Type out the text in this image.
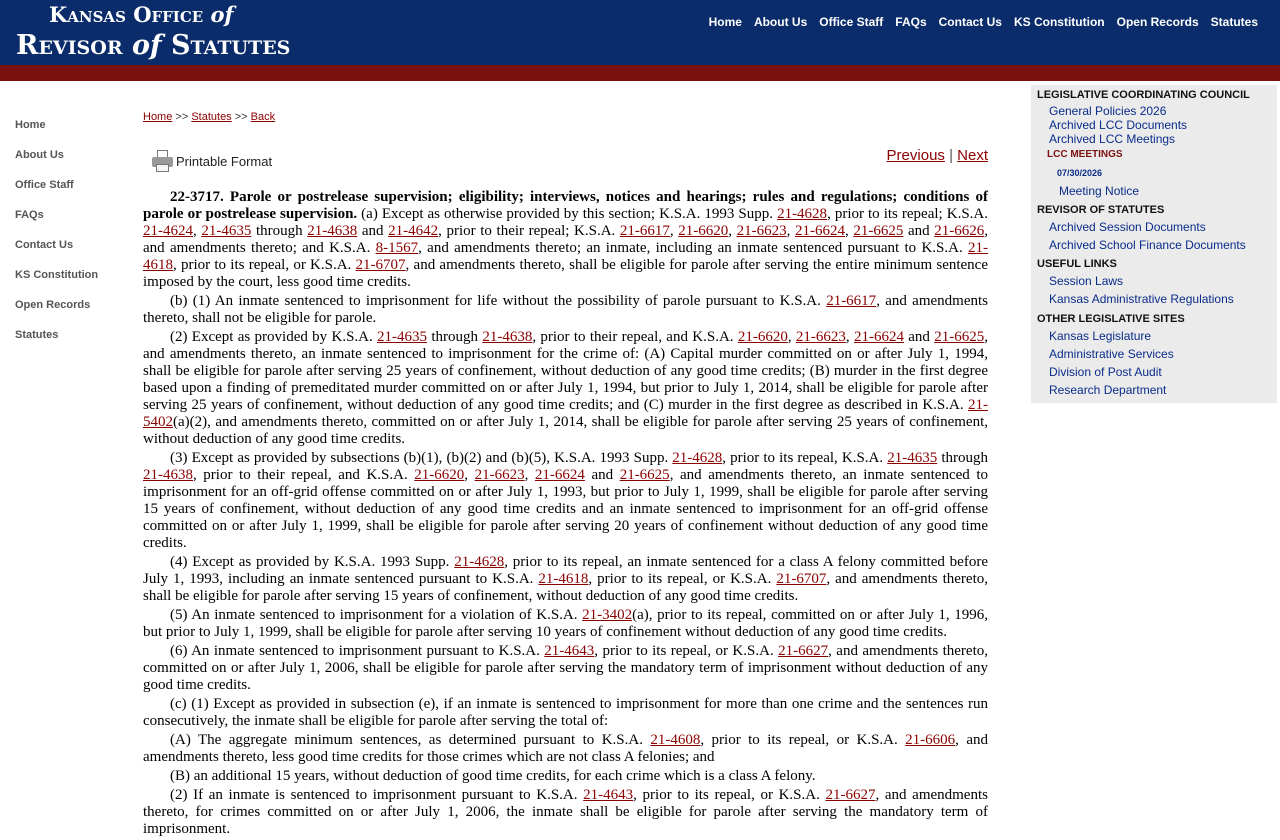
Kansas Office of
Revisor of Statutes
Home About Us Office Staff FAQs Contact Us KS Constitution Open Records Statutes
Home
About Us
Office Staff
FAQs
Contact Us
KS Constitution
Open Records
Statutes
Home >> Statutes >> Back
Printable Format	Previous | Next

22-3717. Parole or postrelease supervision; eligibility; interviews, notices and hearings; rules and regulations; conditions of parole or postrelease supervision. (a) Except as otherwise provided by this section; K.S.A. 1993 Supp. 21-4628, prior to its repeal; K.S.A. 21-4624, 21-4635 through 21-4638 and 21-4642, prior to their repeal; K.S.A. 21-6617, 21-6620, 21-6623, 21-6624, 21-6625 and 21-6626, and amendments thereto; and K.S.A. 8-1567, and amendments thereto; an inmate, including an inmate sentenced pursuant to K.S.A. 21-4618, prior to its repeal, or K.S.A. 21-6707, and amendments thereto, shall be eligible for parole after serving the entire minimum sentence imposed by the court, less good time credits.

(b) (1) An inmate sentenced to imprisonment for life without the possibility of parole pursuant to K.S.A. 21-6617, and amendments thereto, shall not be eligible for parole.

(2) Except as provided by K.S.A. 21-4635 through 21-4638, prior to their repeal, and K.S.A. 21-6620, 21-6623, 21-6624 and 21-6625, and amendments thereto, an inmate sentenced to imprisonment for the crime of: (A) Capital murder committed on or after July 1, 1994, shall be eligible for parole after serving 25 years of confinement, without deduction of any good time credits; (B) murder in the first degree based upon a finding of premeditated murder committed on or after July 1, 1994, but prior to July 1, 2014, shall be eligible for parole after serving 25 years of confinement, without deduction of any good time credits; and (C) murder in the first degree as described in K.S.A. 21-5402(a)(2), and amendments thereto, committed on or after July 1, 2014, shall be eligible for parole after serving 25 years of confinement, without deduction of any good time credits.

(3) Except as provided by subsections (b)(1), (b)(2) and (b)(5), K.S.A. 1993 Supp. 21-4628, prior to its repeal, K.S.A. 21-4635 through 21-4638, prior to their repeal, and K.S.A. 21-6620, 21-6623, 21-6624 and 21-6625, and amendments thereto, an inmate sentenced to imprisonment for an off-grid offense committed on or after July 1, 1993, but prior to July 1, 1999, shall be eligible for parole after serving 15 years of confinement, without deduction of any good time credits and an inmate sentenced to imprisonment for an off-grid offense committed on or after July 1, 1999, shall be eligible for parole after serving 20 years of confinement without deduction of any good time credits.

(4) Except as provided by K.S.A. 1993 Supp. 21-4628, prior to its repeal, an inmate sentenced for a class A felony committed before July 1, 1993, including an inmate sentenced pursuant to K.S.A. 21-4618, prior to its repeal, or K.S.A. 21-6707, and amendments thereto, shall be eligible for parole after serving 15 years of confinement, without deduction of any good time credits.

(5) An inmate sentenced to imprisonment for a violation of K.S.A. 21-3402(a), prior to its repeal, committed on or after July 1, 1996, but prior to July 1, 1999, shall be eligible for parole after serving 10 years of confinement without deduction of any good time credits.

(6) An inmate sentenced to imprisonment pursuant to K.S.A. 21-4643, prior to its repeal, or K.S.A. 21-6627, and amendments thereto, committed on or after July 1, 2006, shall be eligible for parole after serving the mandatory term of imprisonment without deduction of any good time credits.

(c) (1) Except as provided in subsection (e), if an inmate is sentenced to imprisonment for more than one crime and the sentences run consecutively, the inmate shall be eligible for parole after serving the total of:

(A) The aggregate minimum sentences, as determined pursuant to K.S.A. 21-4608, prior to its repeal, or K.S.A. 21-6606, and amendments thereto, less good time credits for those crimes which are not class A felonies; and

(B) an additional 15 years, without deduction of good time credits, for each crime which is a class A felony.

(2) If an inmate is sentenced to imprisonment pursuant to K.S.A. 21-4643, prior to its repeal, or K.S.A. 21-6627, and amendments thereto, for crimes committed on or after July 1, 2006, the inmate shall be eligible for parole after serving the mandatory term of imprisonment.

LEGISLATIVE COORDINATING COUNCIL
General Policies 2026
Archived LCC Documents
Archived LCC Meetings
LCC MEETINGS
07/30/2026
Meeting Notice
REVISOR OF STATUTES
Archived Session Documents
Archived School Finance Documents
USEFUL LINKS
Session Laws
Kansas Administrative Regulations
OTHER LEGISLATIVE SITES
Kansas Legislature
Administrative Services
Division of Post Audit
Research Department
